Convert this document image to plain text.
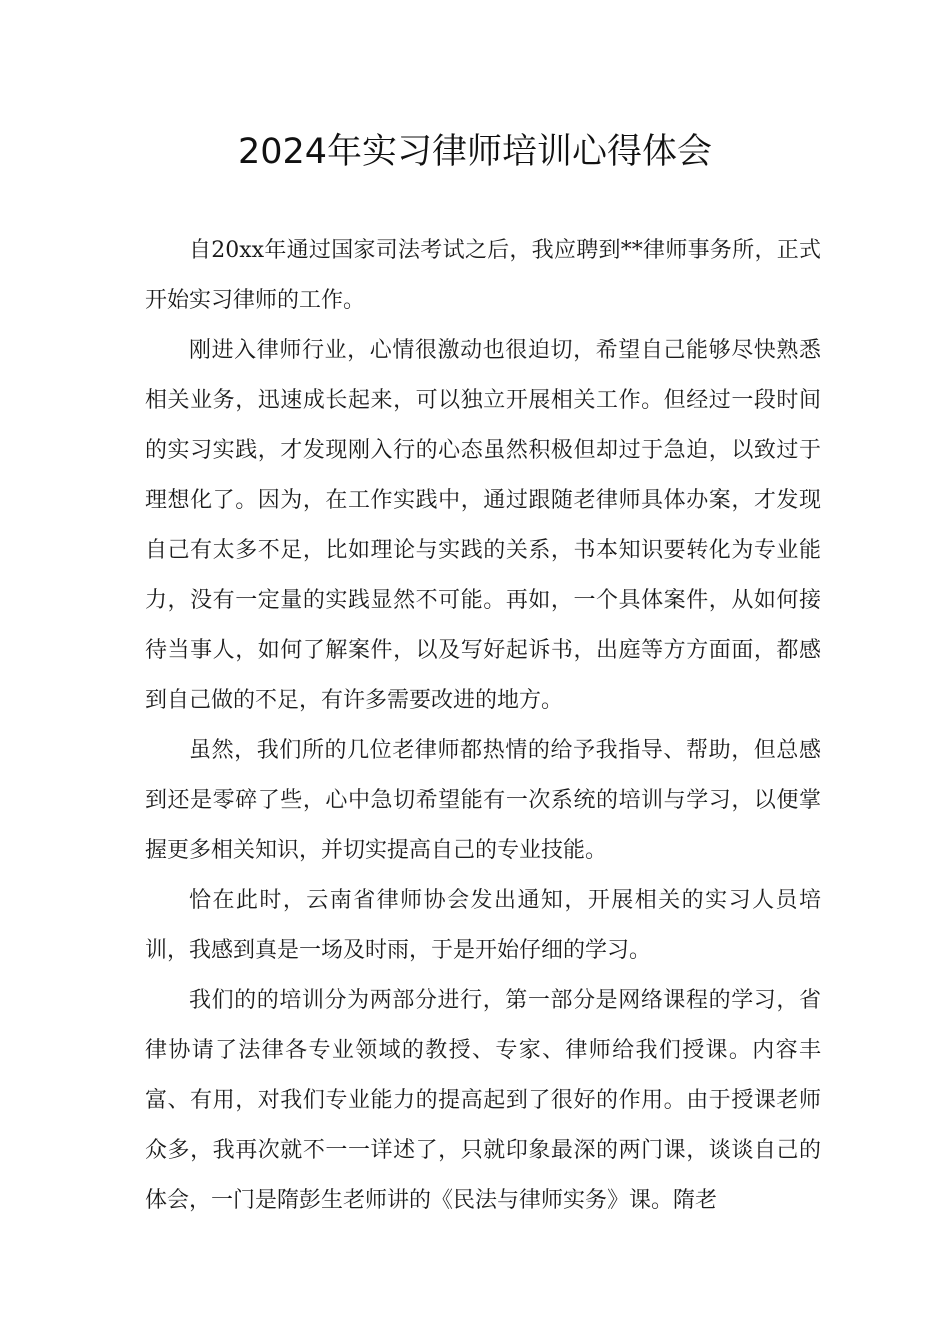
2024年实习律师培训心得体会

自20xx年通过国家司法考试之后，我应聘到**律师事务所，正式开始实习律师的工作。

刚进入律师行业，心情很激动也很迫切，希望自己能够尽快熟悉相关业务，迅速成长起来，可以独立开展相关工作。但经过一段时间的实习实践，才发现刚入行的心态虽然积极但却过于急迫，以致过于理想化了。因为，在工作实践中，通过跟随老律师具体办案，才发现自己有太多不足，比如理论与实践的关系，书本知识要转化为专业能力，没有一定量的实践显然不可能。再如，一个具体案件，从如何接待当事人，如何了解案件，以及写好起诉书，出庭等方方面面，都感到自己做的不足，有许多需要改进的地方。

虽然，我们所的几位老律师都热情的给予我指导、帮助，但总感到还是零碎了些，心中急切希望能有一次系统的培训与学习，以便掌握更多相关知识，并切实提高自己的专业技能。

恰在此时，云南省律师协会发出通知，开展相关的实习人员培训，我感到真是一场及时雨，于是开始仔细的学习。

我们的的培训分为两部分进行，第一部分是网络课程的学习，省律协请了法律各专业领域的教授、专家、律师给我们授课。内容丰富、有用，对我们专业能力的提高起到了很好的作用。由于授课老师众多，我再次就不一一详述了，只就印象最深的两门课，谈谈自己的体会，一门是隋彭生老师讲的《民法与律师实务》课。隋老
